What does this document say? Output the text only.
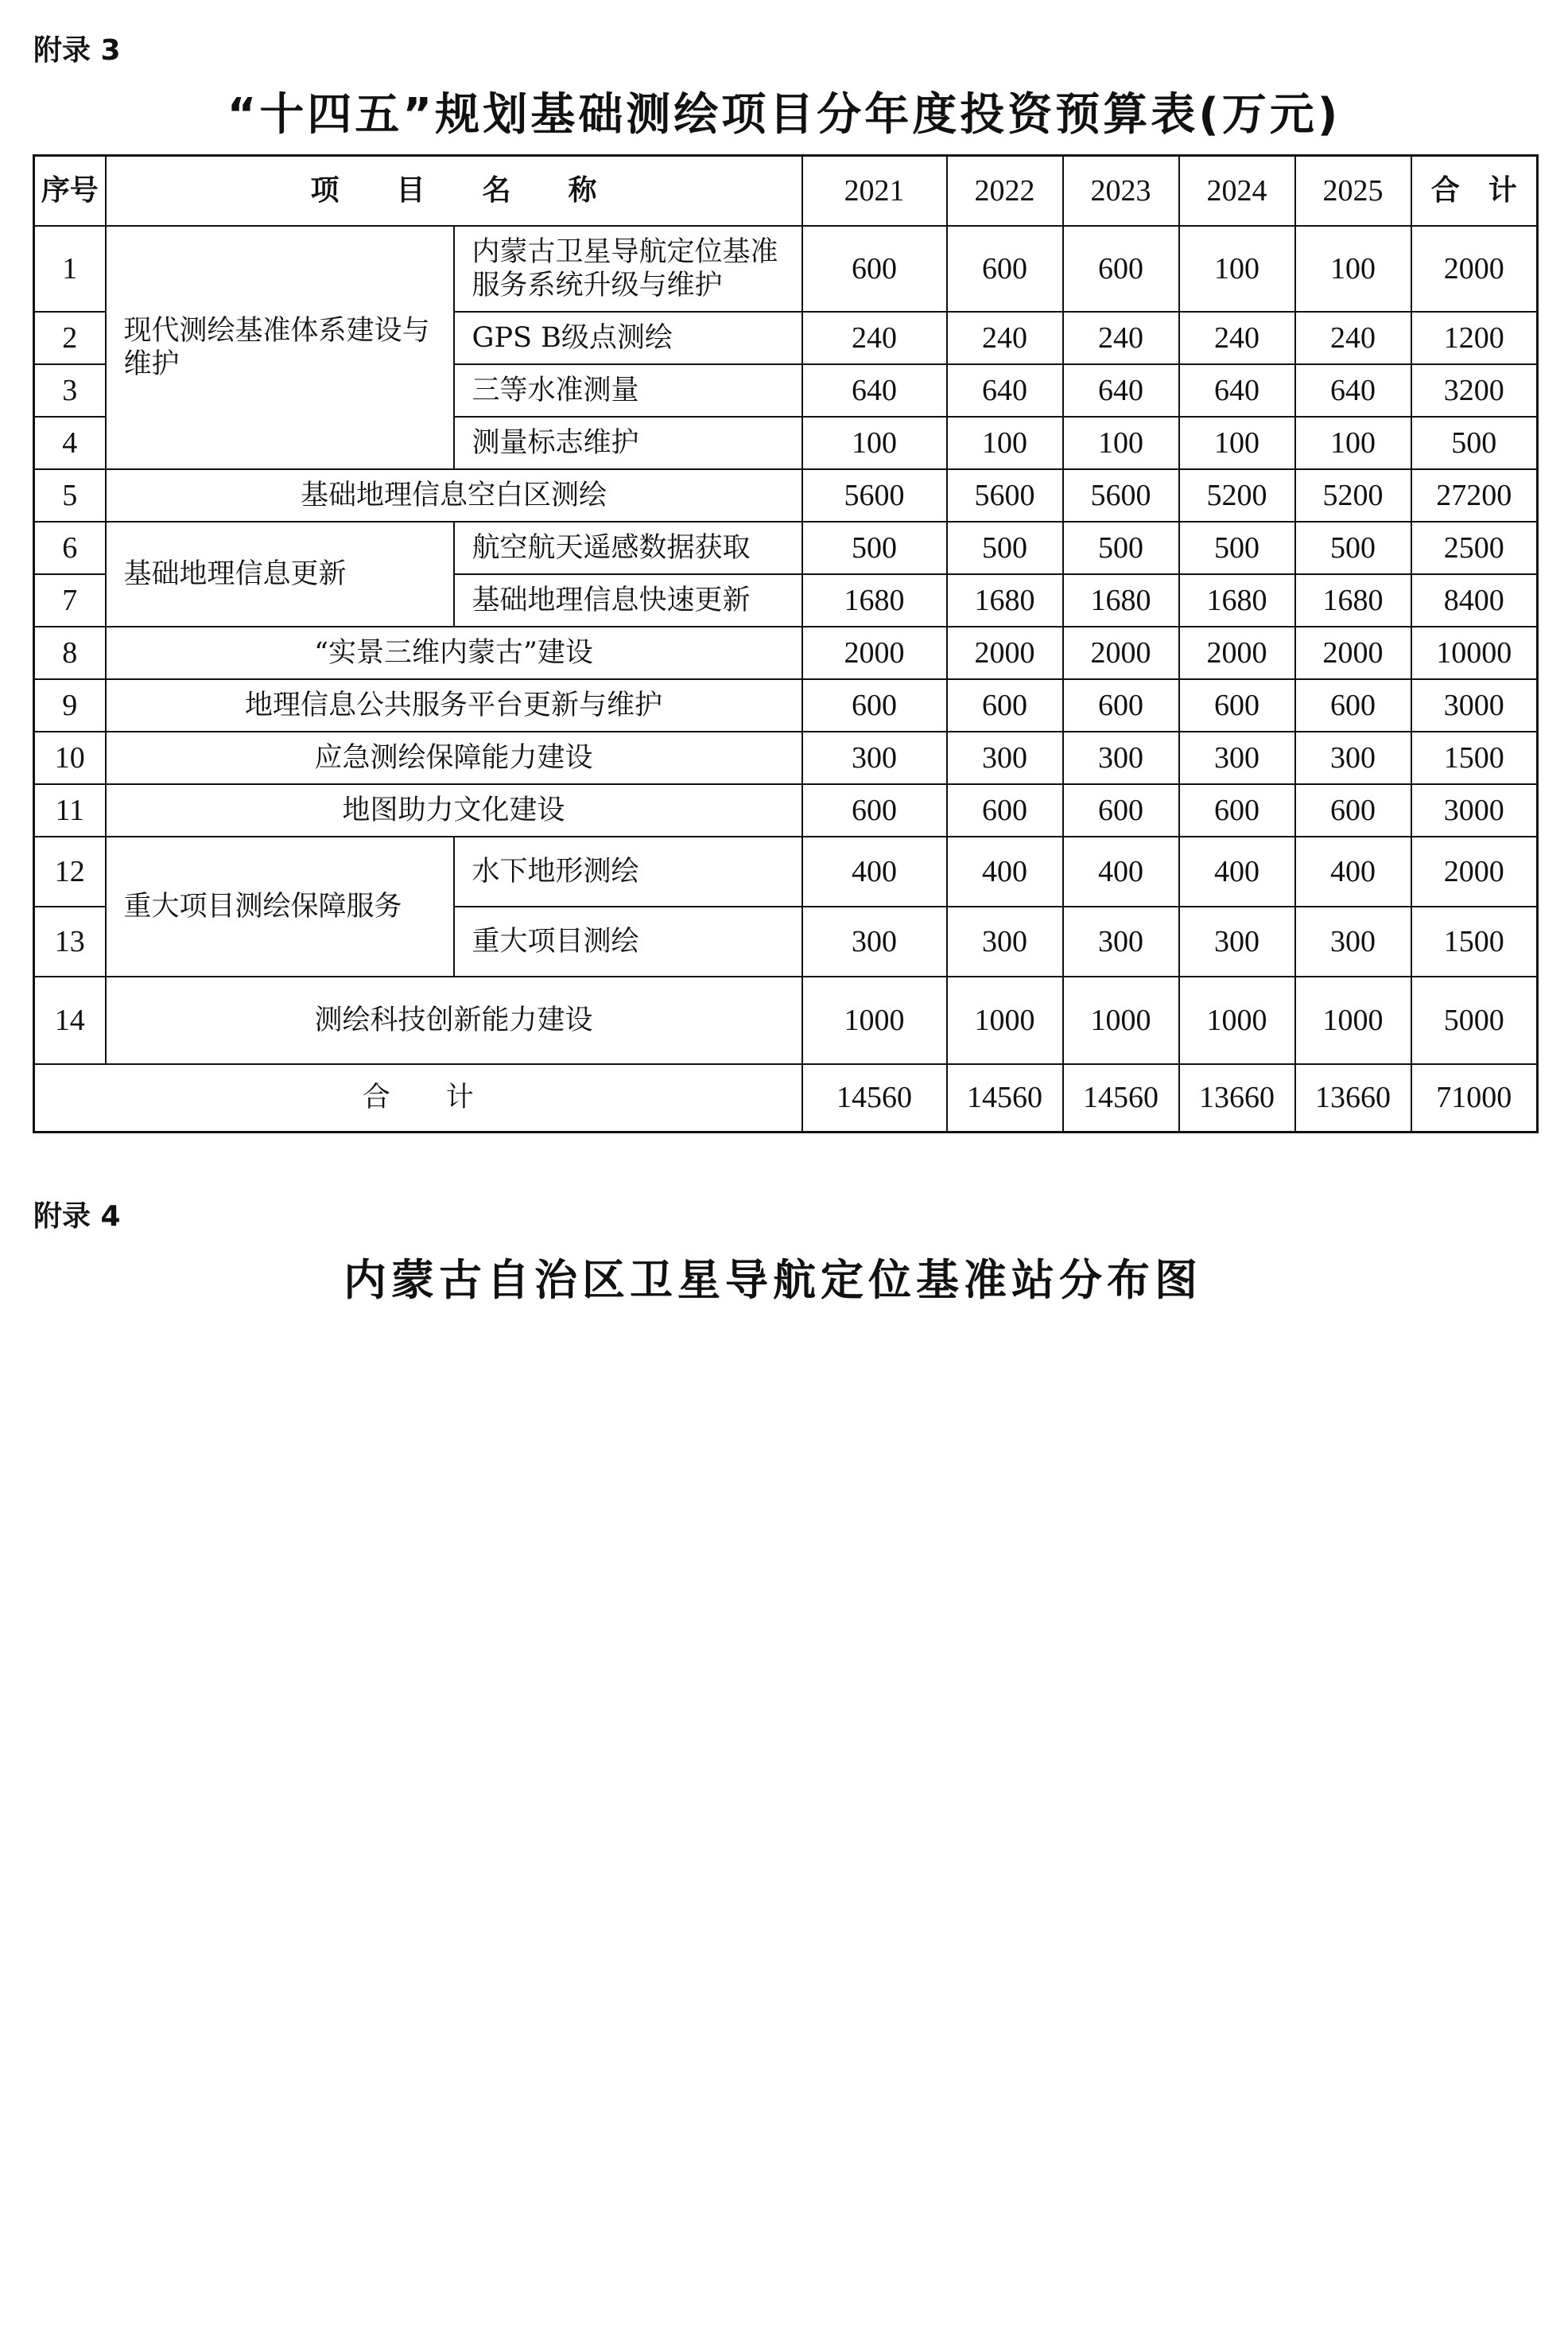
附录 3
“十四五”规划基础测绘项目分年度投资预算表(万元)
序号	项　　目　　名　　称		2021	2022	2023	2024	2025	合　计
1	现代测绘基准体系建设与维护	内蒙古卫星导航定位基准服务系统升级与维护	600	600	600	100	100	2000
2		GPS B级点测绘	240	240	240	240	240	1200
3		三等水准测量	640	640	640	640	640	3200
4		测量标志维护	100	100	100	100	100	500
5	基础地理信息空白区测绘		5600	5600	5600	5200	5200	27200
6	基础地理信息更新	航空航天遥感数据获取	500	500	500	500	500	2500
7		基础地理信息快速更新	1680	1680	1680	1680	1680	8400
8	“实景三维内蒙古”建设		2000	2000	2000	2000	2000	10000
9	地理信息公共服务平台更新与维护		600	600	600	600	600	3000
10	应急测绘保障能力建设		300	300	300	300	300	1500
11	地图助力文化建设		600	600	600	600	600	3000
12	重大项目测绘保障服务	水下地形测绘	400	400	400	400	400	2000
13		重大项目测绘	300	300	300	300	300	1500
14	测绘科技创新能力建设		1000	1000	1000	1000	1000	5000
合　　计			14560	14560	14560	13660	13660	71000
附录 4
内蒙古自治区卫星导航定位基准站分布图
